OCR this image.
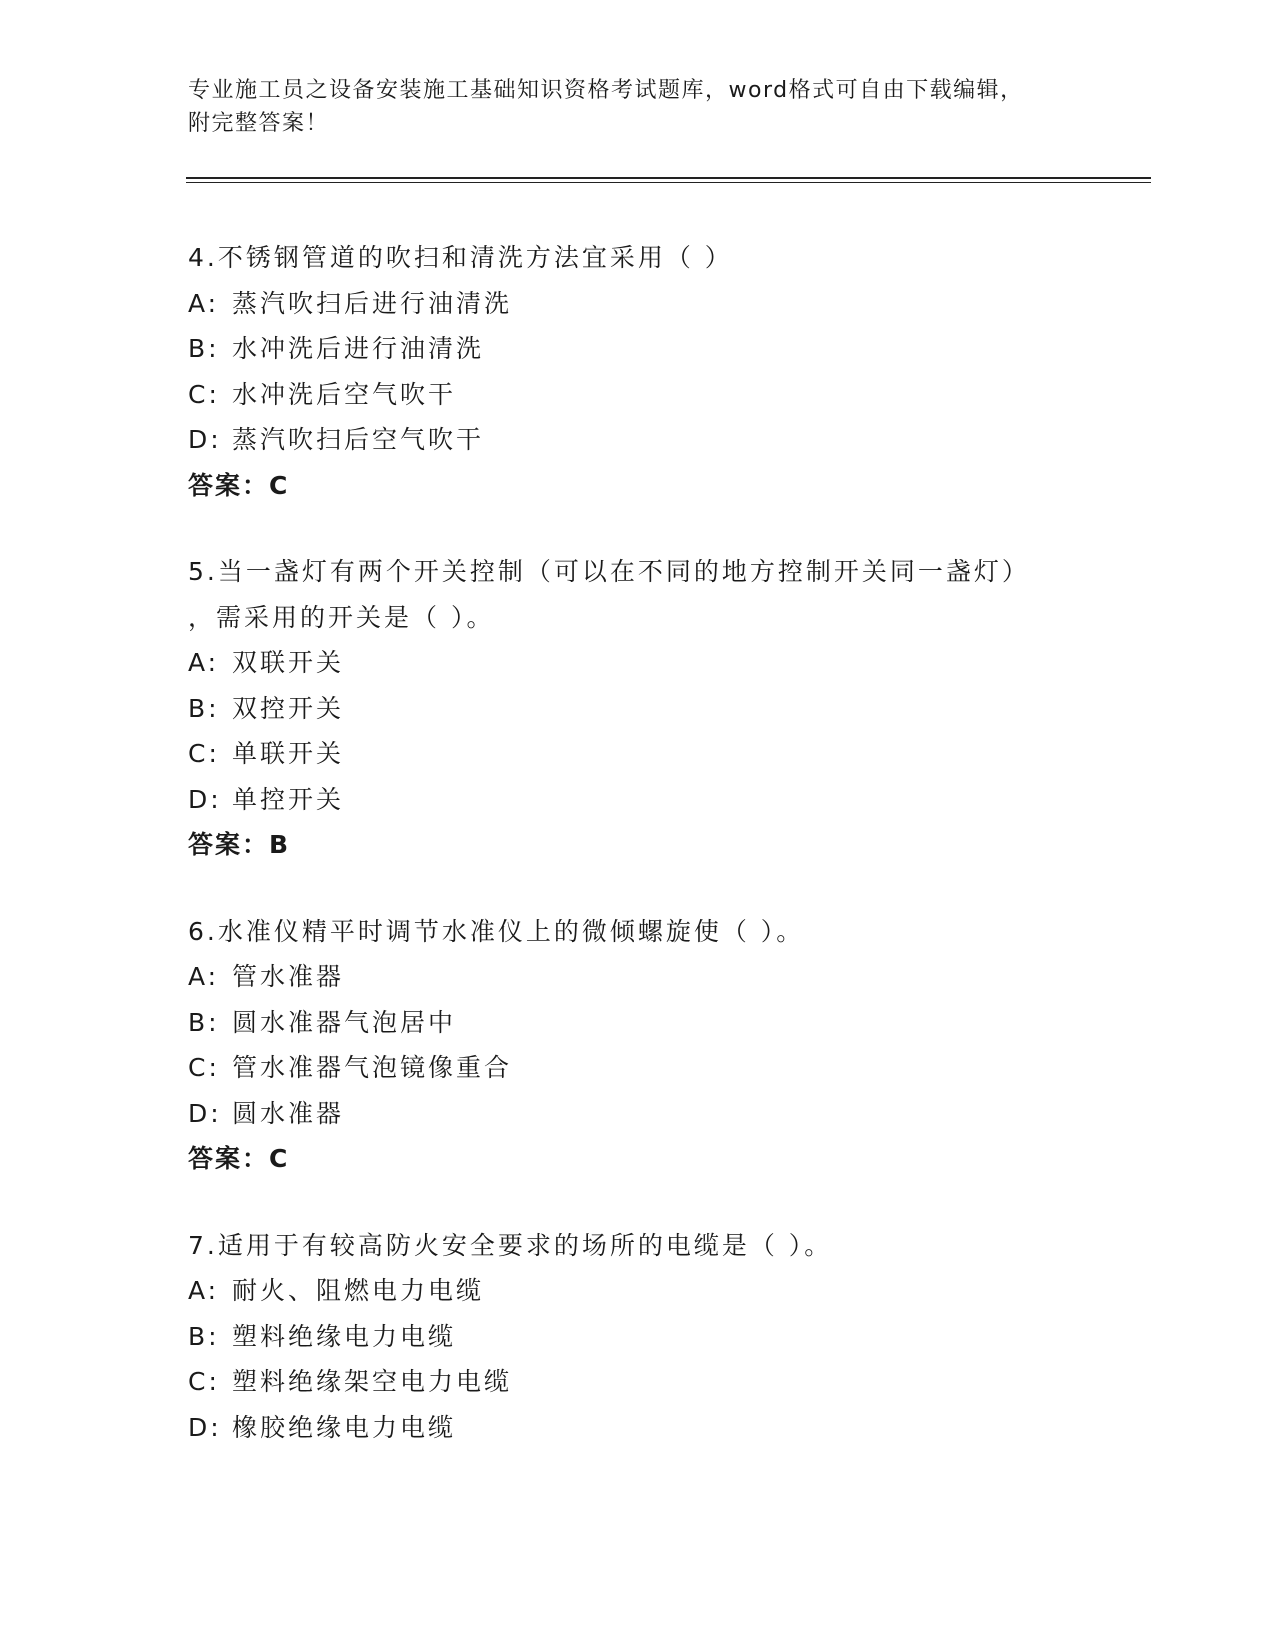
专业施工员之设备安装施工基础知识资格考试题库，word格式可自由下载编辑，
附完整答案！
4.不锈钢管道的吹扫和清洗方法宜采用（ ）
A: 蒸汽吹扫后进行油清洗
B: 水冲洗后进行油清洗
C: 水冲洗后空气吹干
D: 蒸汽吹扫后空气吹干
答案：C
5.当一盏灯有两个开关控制（可以在不同的地方控制开关同一盏灯）
，需采用的开关是（ ）。
A: 双联开关
B: 双控开关
C: 单联开关
D: 单控开关
答案：B
6.水准仪精平时调节水准仪上的微倾螺旋使（ ）。
A: 管水准器
B: 圆水准器气泡居中
C: 管水准器气泡镜像重合
D: 圆水准器
答案：C
7.适用于有较高防火安全要求的场所的电缆是（ ）。
A: 耐火、阻燃电力电缆
B: 塑料绝缘电力电缆
C: 塑料绝缘架空电力电缆
D: 橡胶绝缘电力电缆
